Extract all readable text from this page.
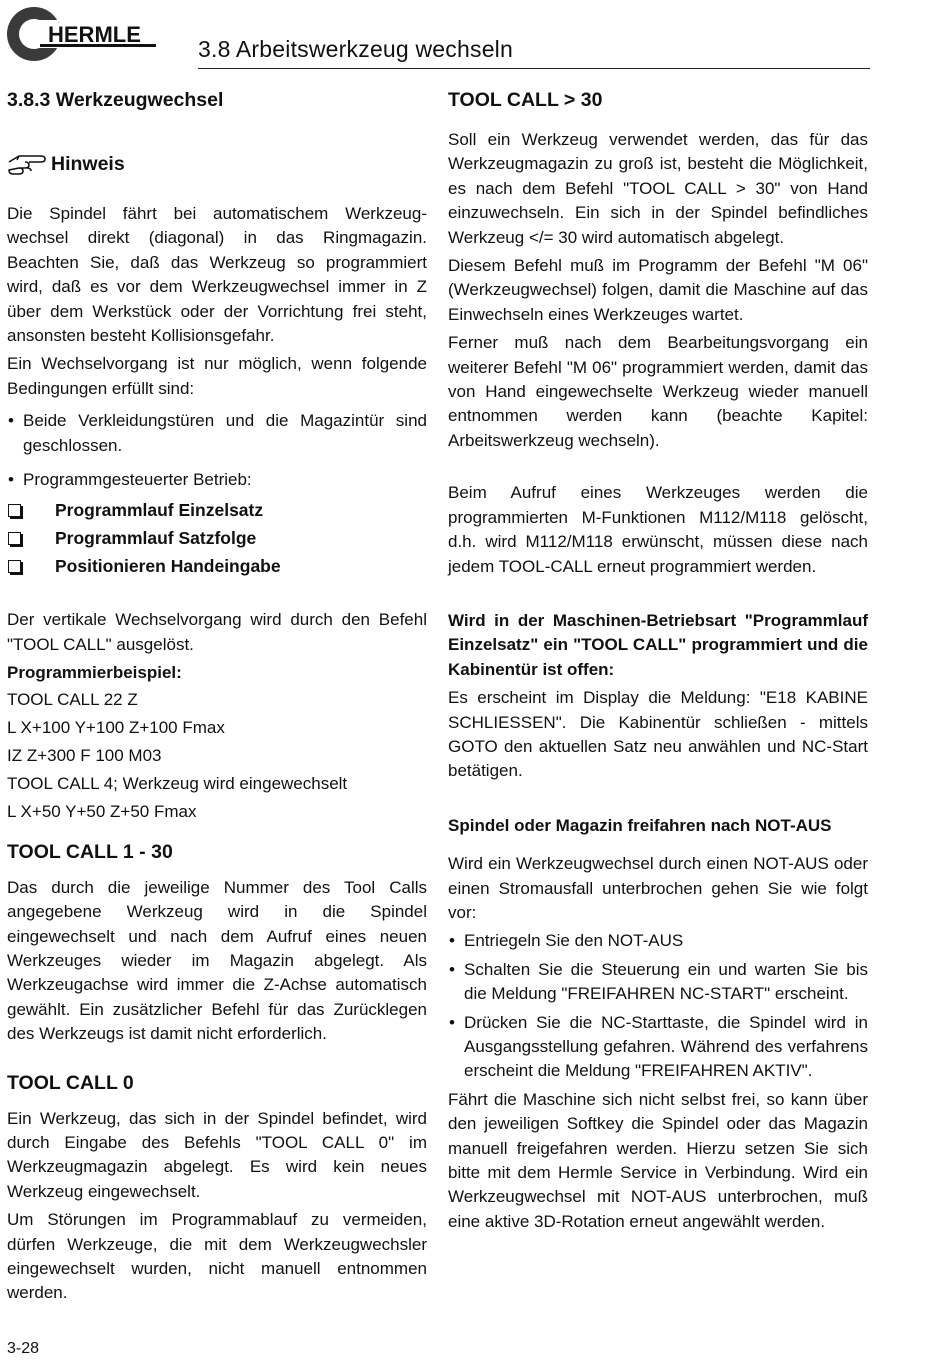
HERMLE
3.8 Arbeitswerkzeug wechseln
3.8.3 Werkzeugwechsel
Hinweis

Die Spindel fährt bei automatischem Werkzeug-wechsel direkt (diagonal) in das Ringmagazin. Beachten Sie, daß das Werkzeug so programmiert wird, daß es vor dem Werkzeugwechsel immer in Z über dem Werkstück oder der Vorrichtung frei steht, ansonsten besteht Kollisionsgefahr.

Ein Wechselvorgang ist nur möglich, wenn folgende Bedingungen erfüllt sind:

• Beide Verkleidungstüren und die Magazintür sind geschlossen.
• Programmgesteuerter Betrieb:
Programmlauf Einzelsatz
Programmlauf Satzfolge
Positionieren Handeingabe

Der vertikale Wechselvorgang wird durch den Befehl "TOOL CALL" ausgelöst.

Programmierbeispiel:
TOOL CALL 22 Z
L X+100 Y+100 Z+100 Fmax
IZ Z+300 F 100 M03
TOOL CALL 4; Werkzeug wird eingewechselt
L X+50 Y+50 Z+50 Fmax
TOOL CALL 1 - 30

Das durch die jeweilige Nummer des Tool Calls angegebene Werkzeug wird in die Spindel eingewechselt und nach dem Aufruf eines neuen Werkzeuges wieder im Magazin abgelegt. Als Werkzeugachse wird immer die Z-Achse automatisch gewählt. Ein zusätzlicher Befehl für das Zurücklegen des Werkzeugs ist damit nicht erforderlich.

TOOL CALL 0

Ein Werkzeug, das sich in der Spindel befindet, wird durch Eingabe des Befehls "TOOL CALL 0" im Werkzeugmagazin abgelegt. Es wird kein neues Werkzeug eingewechselt.

Um Störungen im Programmablauf zu vermeiden, dürfen Werkzeuge, die mit dem Werkzeugwechsler eingewechselt wurden, nicht manuell entnommen werden.

TOOL CALL > 30

Soll ein Werkzeug verwendet werden, das für das Werkzeugmagazin zu groß ist, besteht die Möglichkeit, es nach dem Befehl "TOOL CALL > 30" von Hand einzuwechseln. Ein sich in der Spindel befindliches Werkzeug </= 30 wird automatisch abgelegt.

Diesem Befehl muß im Programm der Befehl "M 06" (Werkzeugwechsel) folgen, damit die Maschine auf das Einwechseln eines Werkzeuges wartet.

Ferner muß nach dem Bearbeitungsvorgang ein weiterer Befehl "M 06" programmiert werden, damit das von Hand eingewechselte Werkzeug wieder manuell entnommen werden kann (beachte Kapitel: Arbeitswerkzeug wechseln).

Beim Aufruf eines Werkzeuges werden die programmierten M-Funktionen M112/M118 gelöscht, d.h. wird M112/M118 erwünscht, müssen diese nach jedem TOOL-CALL erneut programmiert werden.

Wird in der Maschinen-Betriebsart "Programmlauf Einzelsatz" ein "TOOL CALL" programmiert und die Kabinentür ist offen:

Es erscheint im Display die Meldung: "E18 KABINE SCHLIESSEN". Die Kabinentür schließen - mittels GOTO den aktuellen Satz neu anwählen und NC-Start betätigen.

Spindel oder Magazin freifahren nach NOT-AUS

Wird ein Werkzeugwechsel durch einen NOT-AUS oder einen Stromausfall unterbrochen gehen Sie wie folgt vor:

• Entriegeln Sie den NOT-AUS
• Schalten Sie die Steuerung ein und warten Sie bis die Meldung "FREIFAHREN NC-START" erscheint.
• Drücken Sie die NC-Starttaste, die Spindel wird in Ausgangsstellung gefahren. Während des verfahrens erscheint die Meldung "FREIFAHREN AKTIV".

Fährt die Maschine sich nicht selbst frei, so kann über den jeweiligen Softkey die Spindel oder das Magazin manuell freigefahren werden. Hierzu setzen Sie sich bitte mit dem Hermle Service in Verbindung. Wird ein Werkzeugwechsel mit NOT-AUS unterbrochen, muß eine aktive 3D-Rotation erneut angewählt werden.

3-28
